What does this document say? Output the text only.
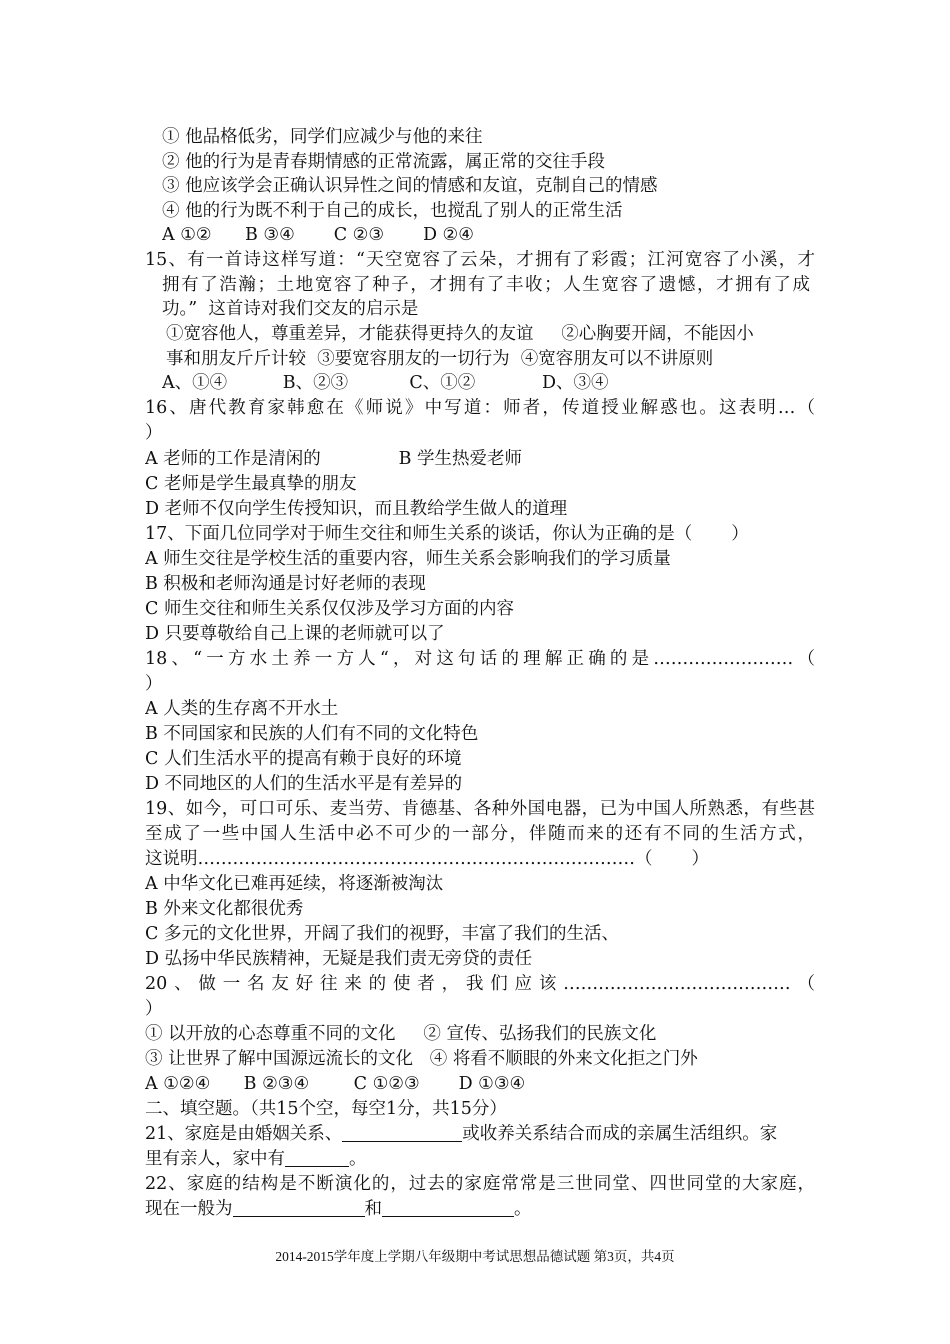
① 他品格低劣，同学们应减少与他的来往
② 他的行为是青春期情感的正常流露，属正常的交往手段
③ 他应该学会正确认识异性之间的情感和友谊，克制自己的情感
④ 他的行为既不利于自己的成长，也搅乱了别人的正常生活
A ①②      B ③④       C ②③       D ②④
15、有一首诗这样写道：“天空宽容了云朵，才拥有了彩霞；江河宽容了小溪，才
拥有了浩瀚；土地宽容了种子，才拥有了丰收；人生宽容了遗憾，才拥有了成
功。”  这首诗对我们交友的启示是
①宽容他人，尊重差异，才能获得更持久的友谊     ②心胸要开阔，不能因小
事和朋友斤斤计较  ③要宽容朋友的一切行为  ④宽容朋友可以不讲原则
A、①④          B、②③           C、①②            D、③④
16、唐代教育家韩愈在《师说》中写道：师者，传道授业解惑也。这表明…（
）
A 老师的工作是清闲的              B 学生热爱老师
C 老师是学生最真挚的朋友
D 老师不仅向学生传授知识，而且教给学生做人的道理
17、下面几位同学对于师生交往和师生关系的谈话，你认为正确的是（       ）
A 师生交往是学校生活的重要内容，师生关系会影响我们的学习质量
B 积极和老师沟通是讨好老师的表现
C 师生交往和师生关系仅仅涉及学习方面的内容
D 只要尊敬给自己上课的老师就可以了
18、“一方水土养一方人“，对这句话的理解正确的是……………………（
）
A 人类的生存离不开水土
B 不同国家和民族的人们有不同的文化特色
C 人们生活水平的提高有赖于良好的环境
D 不同地区的人们的生活水平是有差异的
19、如今，可口可乐、麦当劳、肯德基、各种外国电器，已为中国人所熟悉，有些甚
至成了一些中国人生活中必不可少的一部分，伴随而来的还有不同的生活方式，
这说明…………………………………………………………………（       ）
A 中华文化已难再延续，将逐渐被淘汰
B 外来文化都很优秀
C 多元的文化世界，开阔了我们的视野，丰富了我们的生活、
D 弘扬中华民族精神，无疑是我们责无旁贷的责任
20、做一名友好往来的使者，我们应该…………………………………（
）
① 以开放的心态尊重不同的文化     ② 宣传、弘扬我们的民族文化
③ 让世界了解中国源远流长的文化   ④ 将看不顺眼的外来文化拒之门外
A ①②④      B ②③④        C ①②③       D ①③④
二、填空题。（共15个空，每空1分，共15分）
21、家庭是由婚姻关系、	或收养关系结合而成的亲属生活组织。家
里有亲人，家中有	。
22、家庭的结构是不断演化的，过去的家庭常常是三世同堂、四世同堂的大家庭，
现在一般为	和	。
2014-2015学年度上学期八年级期中考试思想品德试题 第3页，共4页
